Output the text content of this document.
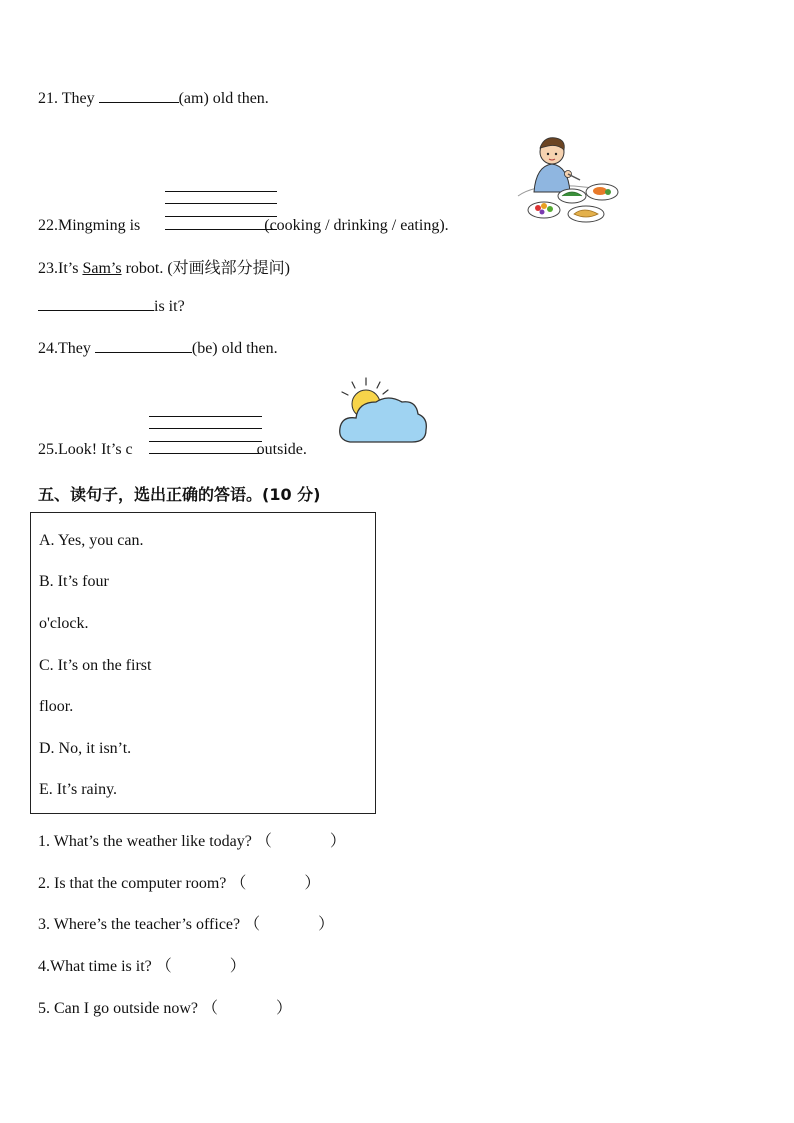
21. They	(am) old then.
22.Mingming is	(cooking / drinking / eating).
23.It’s Sam’s robot. (对画线部分提问)
is it?
24.They	(be) old then.
25.Look! It’s c	outside.
五、读句子，选出正确的答语。(10 分)
A. Yes, you can.
B. It’s four
o'clock.
C. It’s on the first
floor.
D. No, it isn’t.
E. It’s rainy.
1. What’s the weather like today? （	）
2. Is that the computer room? （	）
3. Where’s the teacher’s office? （	）
4.What time is it? （	）
5. Can I go outside now? （	）
